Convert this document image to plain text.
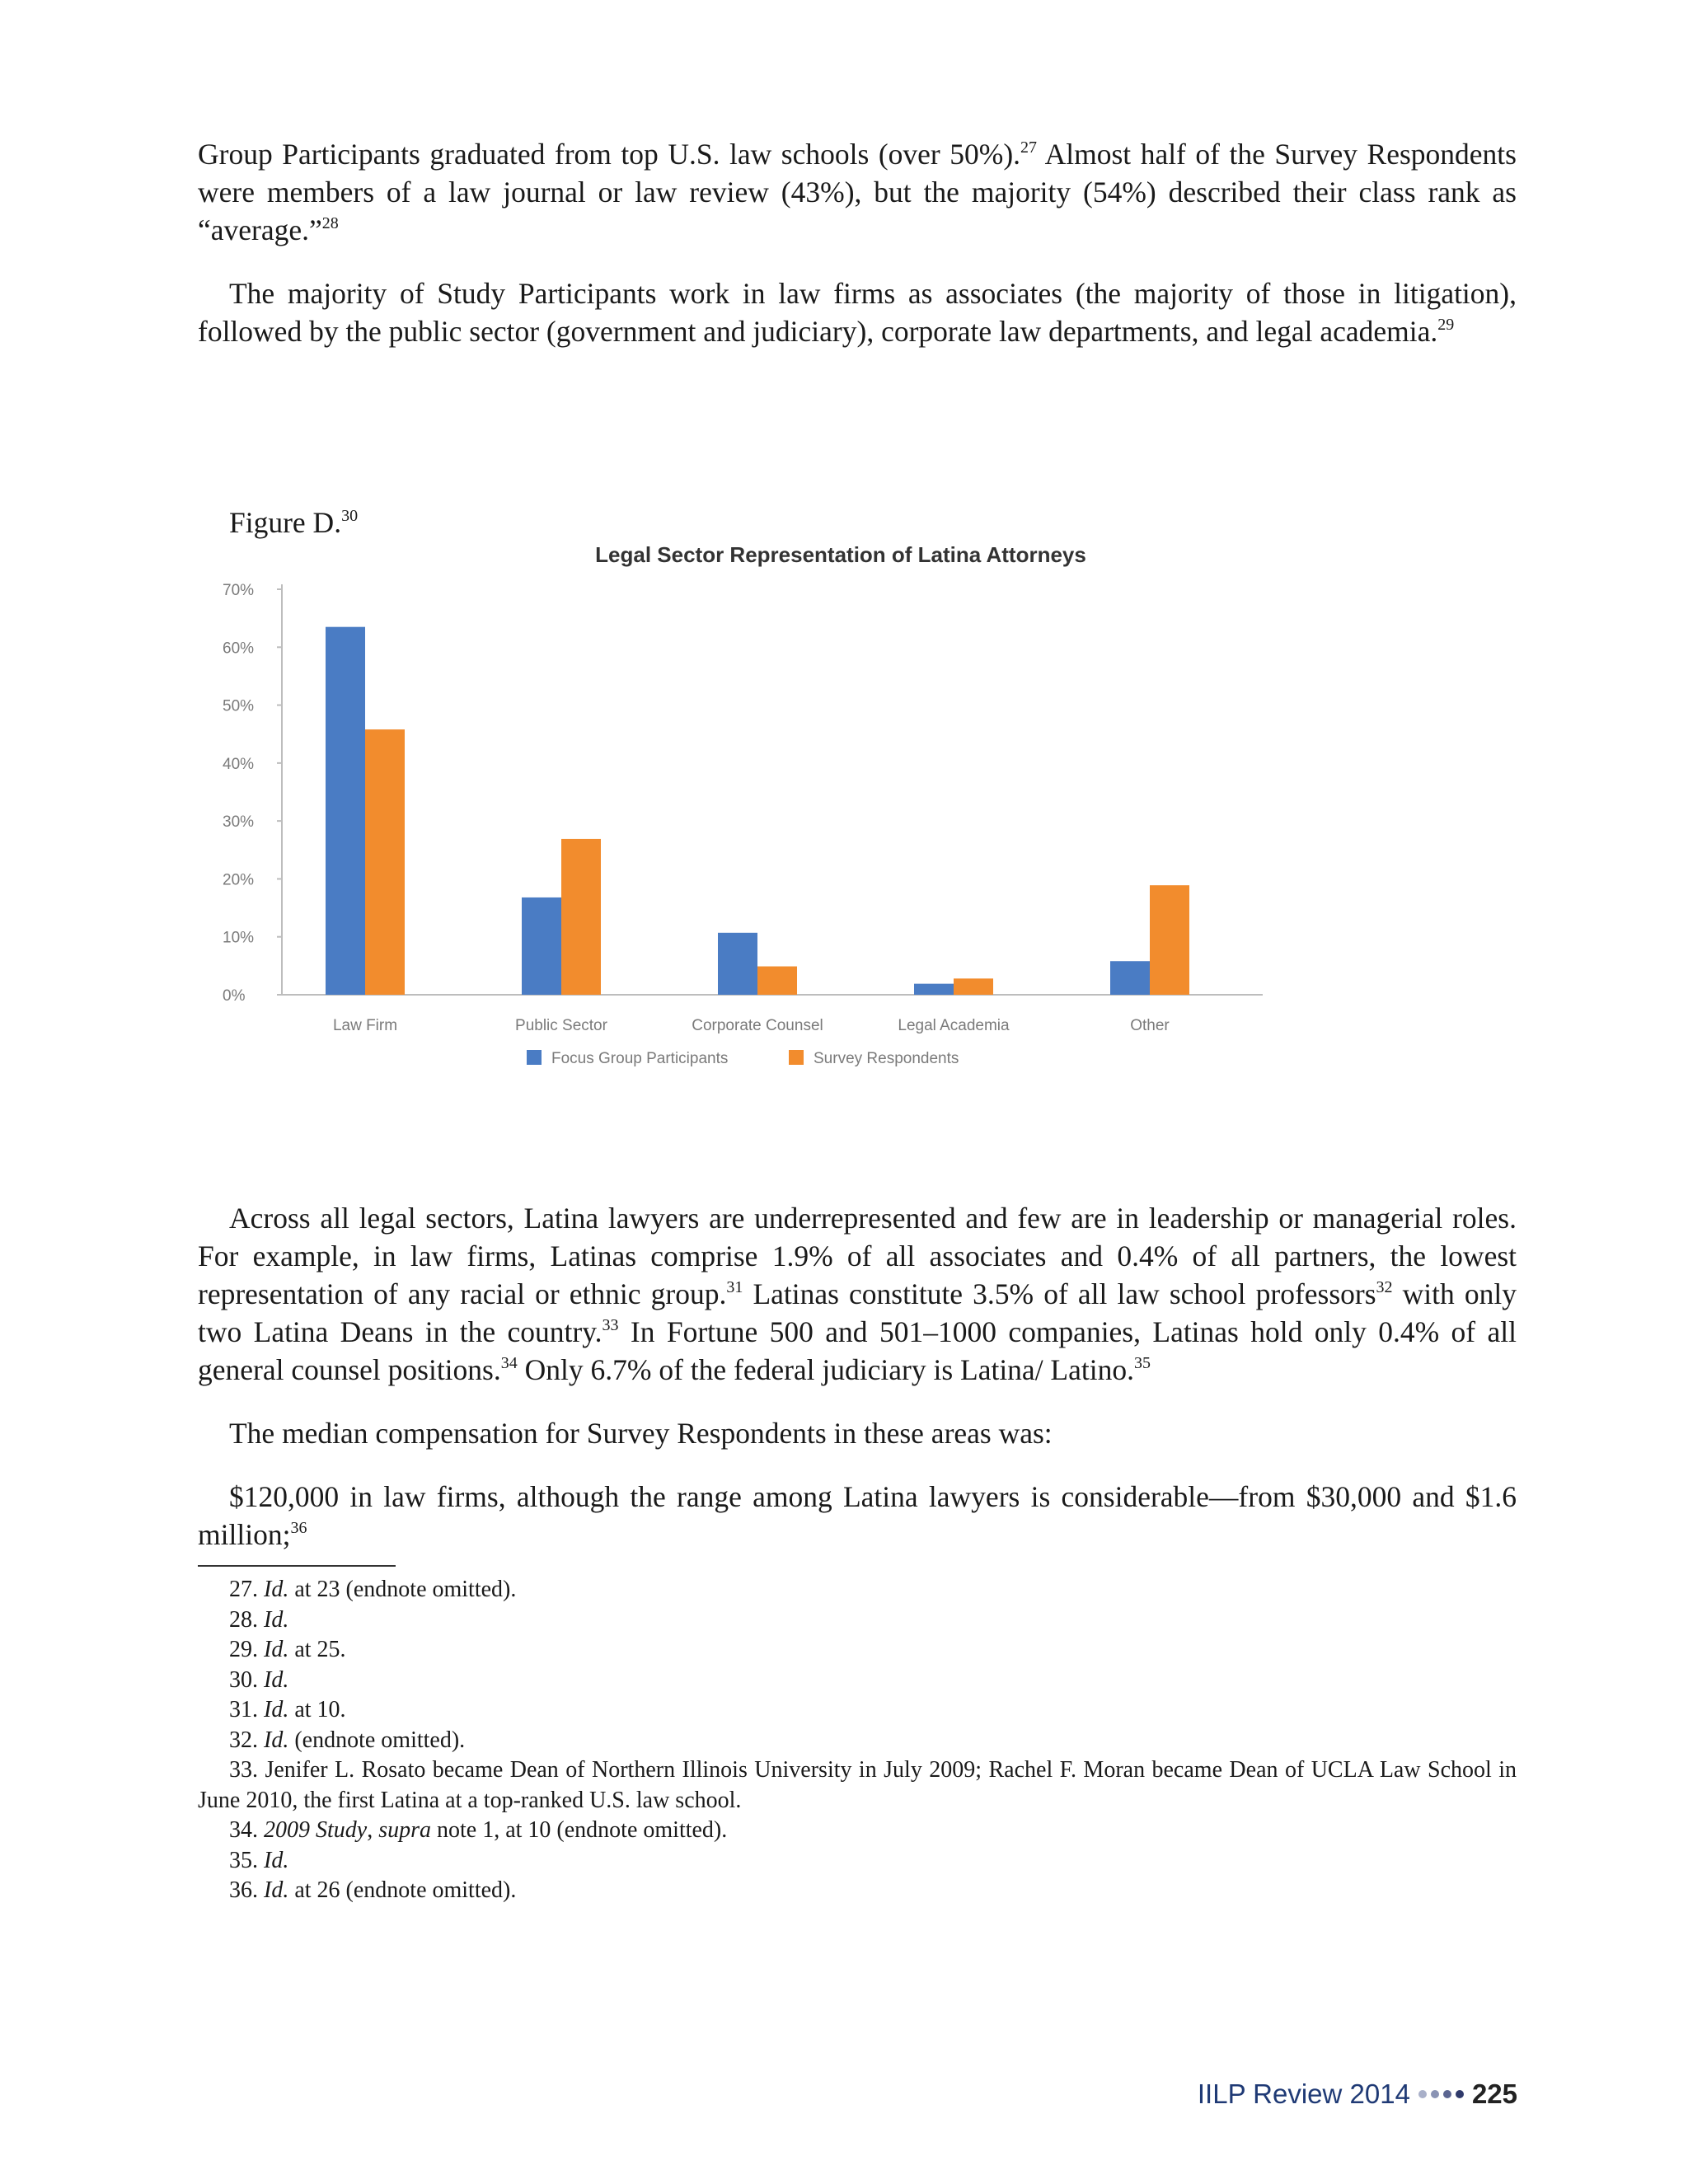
Group Participants graduated from top U.S. law schools (over 50%).$^{27}$ Almost half of the Survey Respondents were members of a law journal or law review (43%), but the majority (54%) described their class rank as “average.”$^{28}$

The majority of Study Participants work in law firms as associates (the majority of those in litigation), followed by the public sector (government and judiciary), corporate law departments, and legal academia.$^{29}$

Figure D.$^{30}$

Legal Sector Representation of Latina Attorneys
0%
10%
20%
30%
40%
50%
60%
70%
Law Firm	Public Sector	Corporate Counsel	Legal Academia	Other
Focus Group Participants	Survey Respondents

Across all legal sectors, Latina lawyers are underrepresented and few are in leadership or managerial roles. For example, in law firms, Latinas comprise 1.9% of all associates and 0.4% of all partners, the lowest representation of any racial or ethnic group.$^{31}$ Latinas constitute 3.5% of all law school professors$^{32}$ with only two Latina Deans in the country.$^{33}$ In Fortune 500 and 501–1000 companies, Latinas hold only 0.4% of all general counsel positions.$^{34}$ Only 6.7% of the federal judiciary is Latina/ Latino.$^{35}$

The median compensation for Survey Respondents in these areas was:

$120,000 in law firms, although the range among Latina lawyers is considerable—from $30,000 and $1.6 million;$^{36}$

27. Id. at 23 (endnote omitted).

28. Id.

29. Id. at 25.

30. Id.

31. Id. at 10.

32. Id. (endnote omitted).

33. Jenifer L. Rosato became Dean of Northern Illinois University in July 2009; Rachel F. Moran became Dean of UCLA Law School in June 2010, the first Latina at a top-ranked U.S. law school.

34. 2009 Study, supra note 1, at 10 (endnote omitted).

35. Id.

36. Id. at 26 (endnote omitted).

IILP Review 2014 225
